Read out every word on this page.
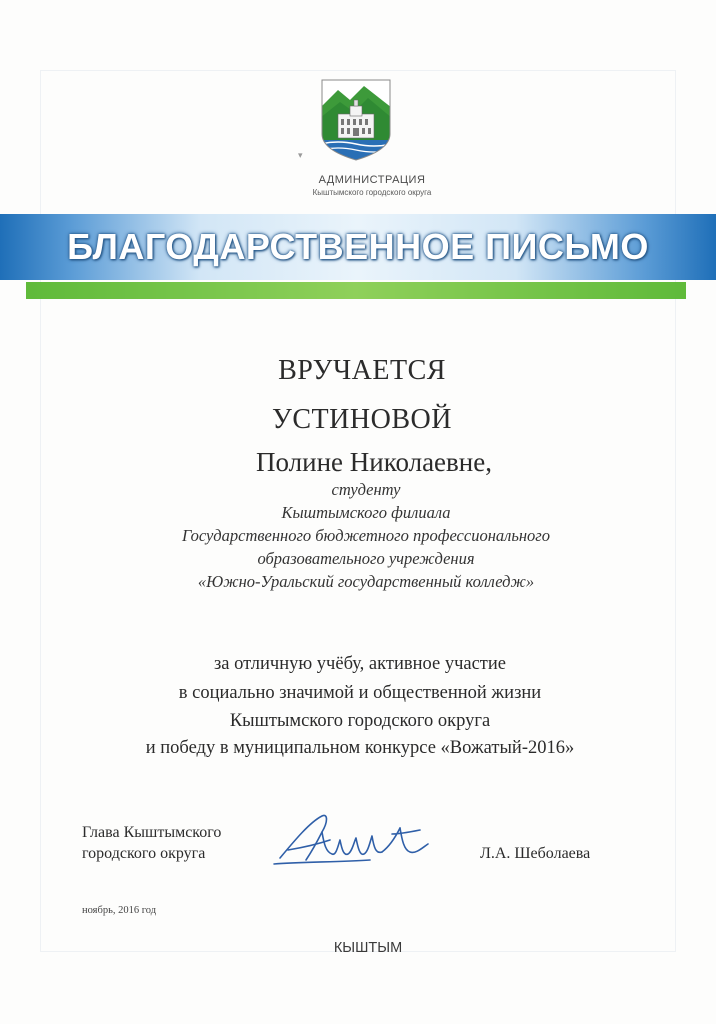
▾
АДМИНИСТРАЦИЯ
Кыштымского городского округа
БЛАГОДАРСТВЕННОЕ ПИСЬМО
ВРУЧАЕТСЯ
УСТИНОВОЙ
Полине Николаевне,
студенту
Кыштымского филиала
Государственного бюджетного профессионального
образовательного учреждения
«Южно-Уральский государственный колледж»
за отличную учёбу, активное участие
в социально значимой и общественной жизни
Кыштымского городского округа
и победу в муниципальном конкурсе «Вожатый-2016»
Глава Кыштымского
городского округа	Л.А. Шеболаева
ноябрь, 2016 год
КЫШТЫМ
